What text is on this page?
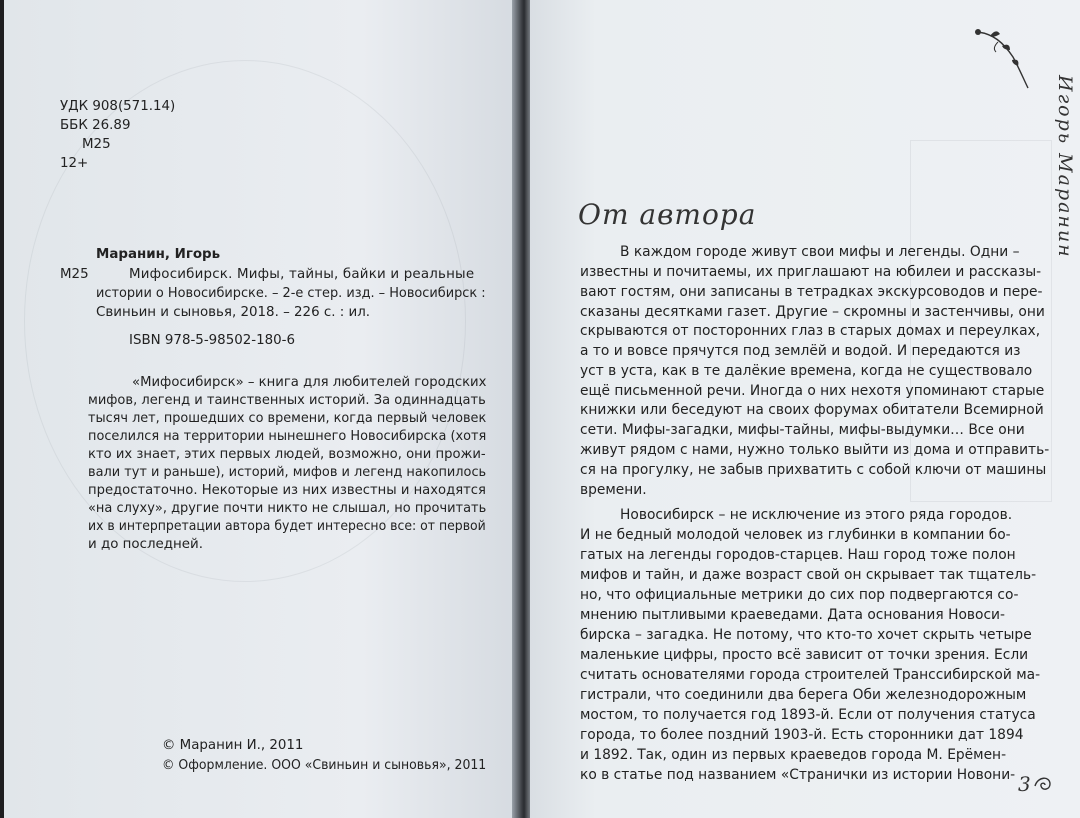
УДК 908(571.14)
ББК 26.89
М25
12+
Маранин, Игорь
М25	Мифосибирск. Мифы, тайны, байки и реальные
истории о Новосибирске. – 2-е стер. изд. – Новосибирск :
Свиньин и сыновья, 2018. – 226 с. : ил.
ISBN 978-5-98502-180-6
«Мифосибирск» – книга для любителей городских
мифов, легенд и таинственных историй. За одиннадцать
тысяч лет, прошедших со времени, когда первый человек
поселился на территории нынешнего Новосибирска (хотя
кто их знает, этих первых людей, возможно, они прожи-
вали тут и раньше), историй, мифов и легенд накопилось
предостаточно. Некоторые из них известны и находятся
«на слуху», другие почти никто не слышал, но прочитать
их в интерпретации автора будет интересно все: от первой
и до последней.
© Маранин И., 2011
© Оформление. ООО «Свиньин и сыновья», 2011
Игорь Маранин
От автора
В каждом городе живут свои мифы и легенды. Одни –
известны и почитаемы, их приглашают на юбилеи и рассказы-
вают гостям, они записаны в тетрадках экскурсоводов и пере-
сказаны десятками газет. Другие – скромны и застенчивы, они
скрываются от посторонних глаз в старых домах и переулках,
а то и вовсе прячутся под землёй и водой. И передаются из
уст в уста, как в те далёкие времена, когда не существовало
ещё письменной речи. Иногда о них нехотя упоминают старые
книжки или беседуют на своих форумах обитатели Всемирной
сети. Мифы-загадки, мифы-тайны, мифы-выдумки… Все они
живут рядом с нами, нужно только выйти из дома и отправить-
ся на прогулку, не забыв прихватить с собой ключи от машины
времени.
Новосибирск – не исключение из этого ряда городов.
И не бедный молодой человек из глубинки в компании бо-
гатых на легенды городов-старцев. Наш город тоже полон
мифов и тайн, и даже возраст свой он скрывает так тщатель-
но, что официальные метрики до сих пор подвергаются со-
мнению пытливыми краеведами. Дата основания Новоси-
бирска – загадка. Не потому, что кто-то хочет скрыть четыре
маленькие цифры, просто всё зависит от точки зрения. Если
считать основателями города строителей Транссибирской ма-
гистрали, что соединили два берега Оби железнодорожным
мостом, то получается год 1893-й. Если от получения статуса
города, то более поздний 1903-й. Есть сторонники дат 1894
и 1892. Так, один из первых краеведов города М. Ерёмен-
ко в статье под названием «Странички из истории Новони- 3
